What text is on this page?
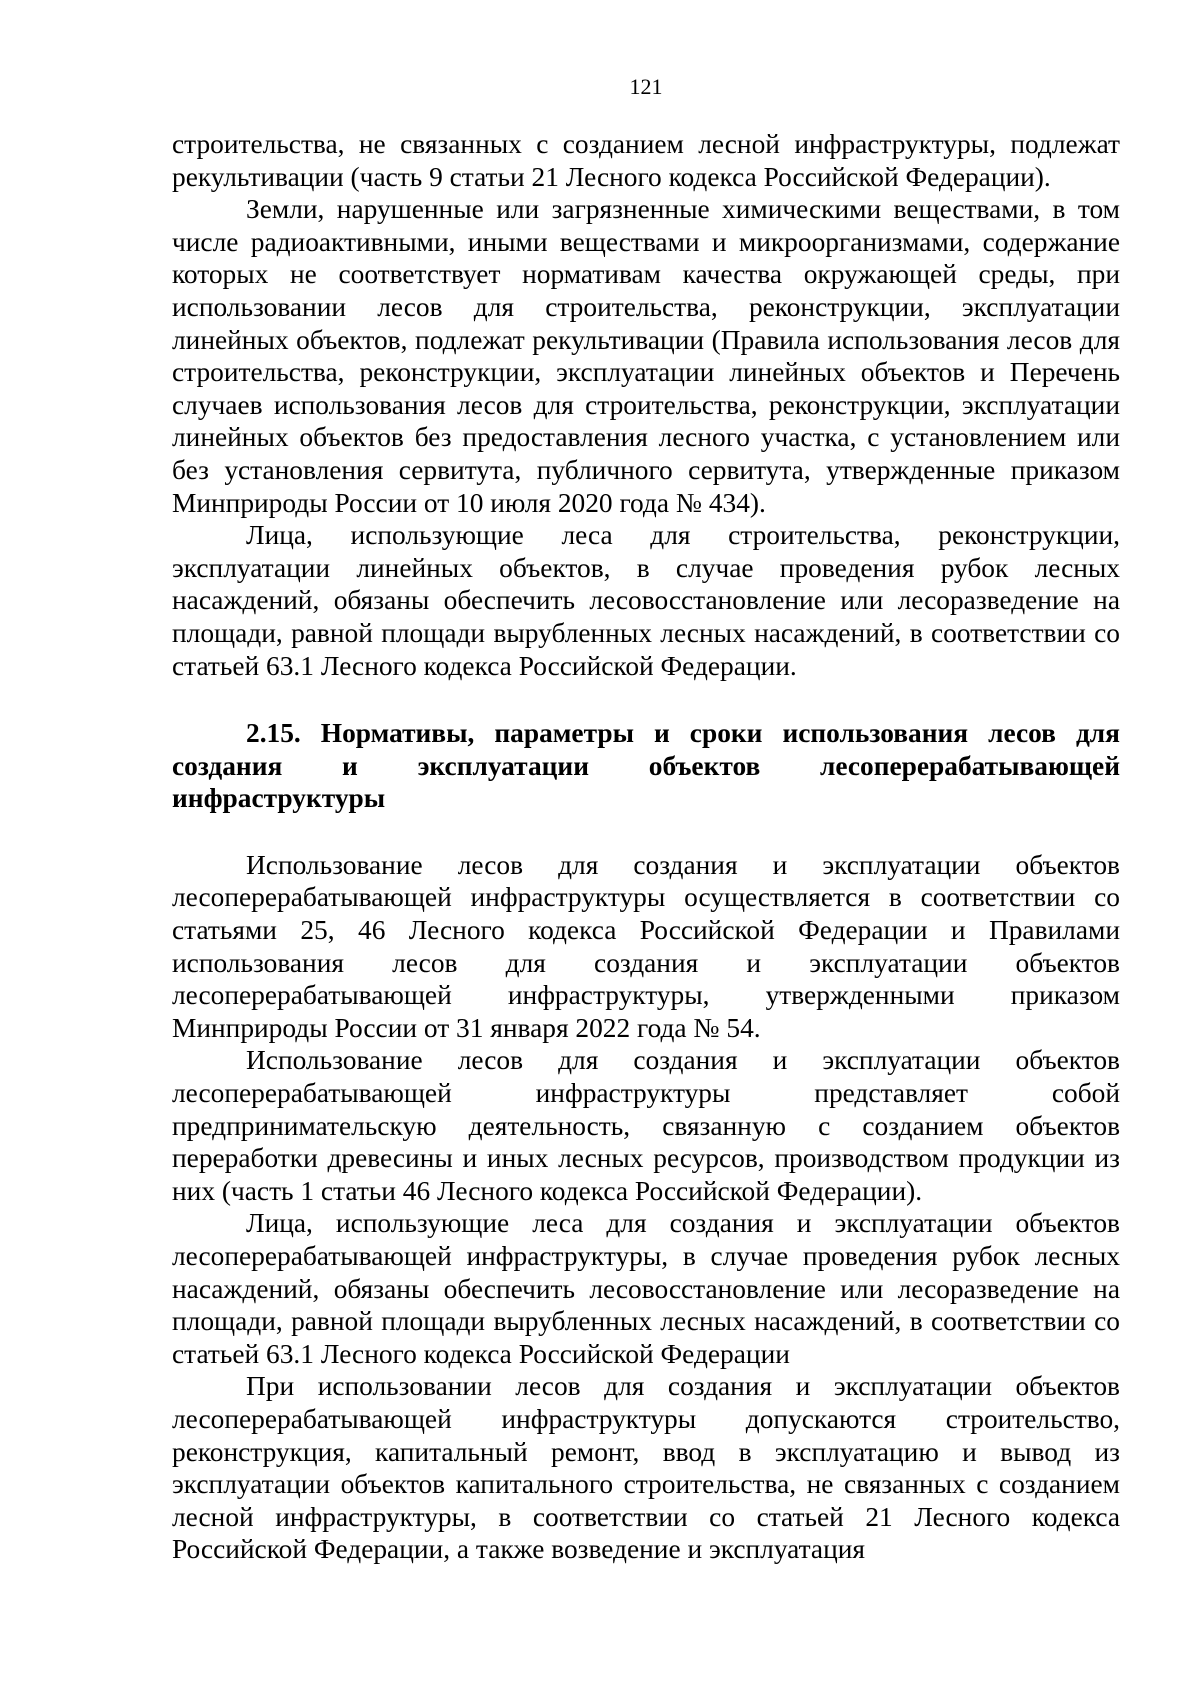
121

строительства, не связанных с созданием лесной инфраструктуры, подлежат рекультивации (часть 9 статьи 21 Лесного кодекса Российской Федерации).

Земли, нарушенные или загрязненные химическими веществами, в том числе радиоактивными, иными веществами и микроорганизмами, содержание которых не соответствует нормативам качества окружающей среды, при использовании лесов для строительства, реконструкции, эксплуатации линейных объектов, подлежат рекультивации (Правила использования лесов для строительства, реконструкции, эксплуатации линейных объектов и Перечень случаев использования лесов для строительства, реконструкции, эксплуатации линейных объектов без предоставления лесного участка, с установлением или без установления сервитута, публичного сервитута, утвержденные приказом Минприроды России от 10 июля 2020 года № 434).

Лица, использующие леса для строительства, реконструкции, эксплуатации линейных объектов, в случае проведения рубок лесных насаждений, обязаны обеспечить лесовосстановление или лесоразведение на площади, равной площади вырубленных лесных насаждений, в соответствии со статьей 63.1 Лесного кодекса Российской Федерации.

2.15. Нормативы, параметры и сроки использования лесов для создания и эксплуатации объектов лесоперерабатывающей инфраструктуры

Использование лесов для создания и эксплуатации объектов лесоперерабатывающей инфраструктуры осуществляется в соответствии со статьями 25, 46 Лесного кодекса Российской Федерации и Правилами использования лесов для создания и эксплуатации объектов лесоперерабатывающей инфраструктуры, утвержденными приказом Минприроды России от 31 января 2022 года № 54.

Использование лесов для создания и эксплуатации объектов лесоперерабатывающей инфраструктуры представляет собой предпринимательскую деятельность, связанную с созданием объектов переработки древесины и иных лесных ресурсов, производством продукции из них (часть 1 статьи 46 Лесного кодекса Российской Федерации).

Лица, использующие леса для создания и эксплуатации объектов лесоперерабатывающей инфраструктуры, в случае проведения рубок лесных насаждений, обязаны обеспечить лесовосстановление или лесоразведение на площади, равной площади вырубленных лесных насаждений, в соответствии со статьей 63.1 Лесного кодекса Российской Федерации

При использовании лесов для создания и эксплуатации объектов лесоперерабатывающей инфраструктуры допускаются строительство, реконструкция, капитальный ремонт, ввод в эксплуатацию и вывод из эксплуатации объектов капитального строительства, не связанных с созданием лесной инфраструктуры, в соответствии со статьей 21 Лесного кодекса Российской Федерации, а также возведение и эксплуатация
